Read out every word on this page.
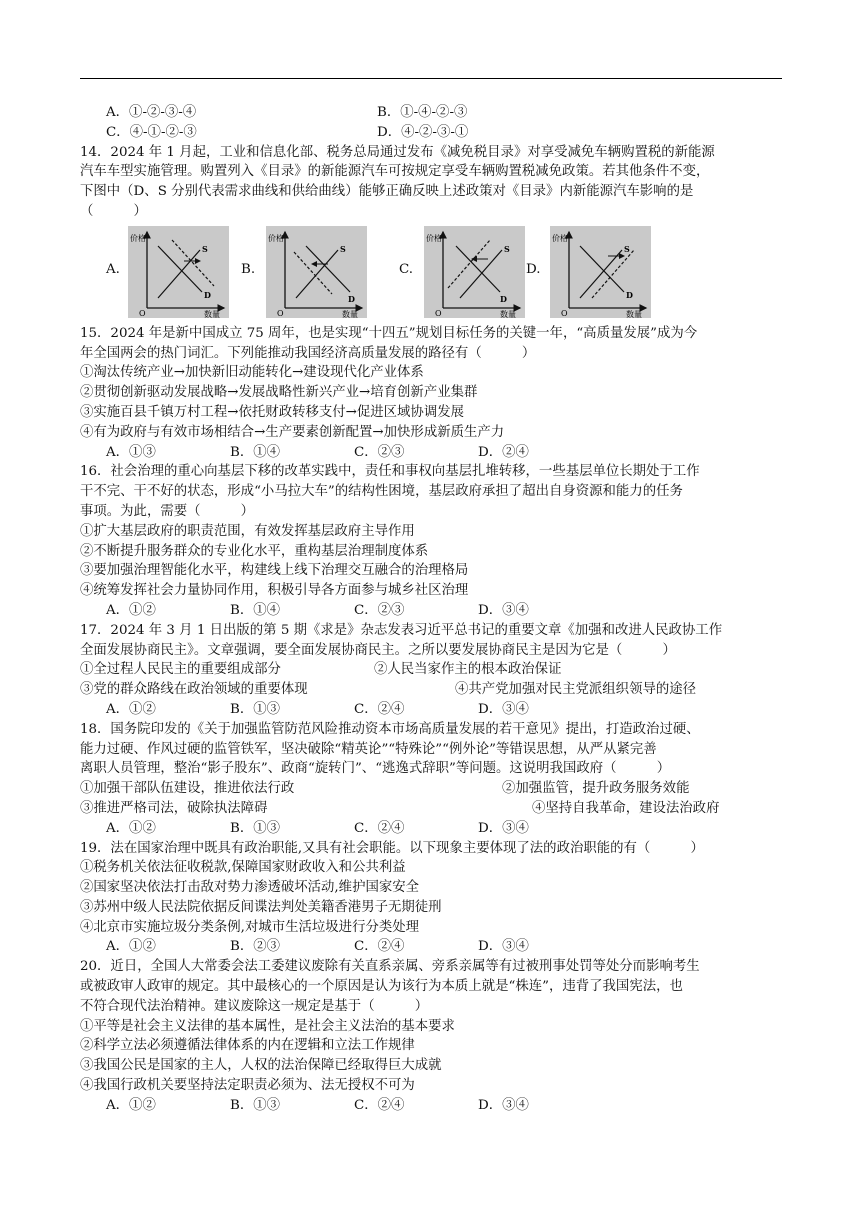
A．①-②-③-④	B．①-④-②-③
C．④-①-②-③	D．④-②-③-①
14．2024 年 1 月起，工业和信息化部、税务总局通过发布《减免税目录》对享受减免车辆购置税的新能源
汽车车型实施管理。购置列入《目录》的新能源汽车可按规定享受车辆购置税减免政策。若其他条件不变，
下图中（D、S 分别代表需求曲线和供给曲线）能够正确反映上述政策对《目录》内新能源汽车影响的是
（　　　）
A.
价格
数量
O
S
D
B.
价格
数量
O
S
D
C.
价格
数量
O
S
D
D.
价格
数量
O
S
D
15．2024 年是新中国成立 75 周年，也是实现“十四五”规划目标任务的关键一年，“高质量发展”成为今
年全国两会的热门词汇。下列能推动我国经济高质量发展的路径有（　　　）
①淘汰传统产业→加快新旧动能转化→建设现代化产业体系
②贯彻创新驱动发展战略→发展战略性新兴产业→培育创新产业集群
③实施百县千镇万村工程→依托财政转移支付→促进区域协调发展
④有为政府与有效市场相结合→生产要素创新配置→加快形成新质生产力
A．①③	B．①④	C．②③	D．②④
16．社会治理的重心向基层下移的改革实践中，责任和事权向基层扎堆转移，一些基层单位长期处于工作
干不完、干不好的状态，形成“小马拉大车”的结构性困境，基层政府承担了超出自身资源和能力的任务
事项。为此，需要（　　　）
①扩大基层政府的职责范围，有效发挥基层政府主导作用
②不断提升服务群众的专业化水平，重构基层治理制度体系
③要加强治理智能化水平，构建线上线下治理交互融合的治理格局
④统筹发挥社会力量协同作用，积极引导各方面参与城乡社区治理
A．①②	B．①④	C．②③	D．③④
17．2024 年 3 月 1 日出版的第 5 期《求是》杂志发表习近平总书记的重要文章《加强和改进人民政协工作
全面发展协商民主》。文章强调，要全面发展协商民主。之所以要发展协商民主是因为它是（　　　）
①全过程人民民主的重要组成部分	②人民当家作主的根本政治保证
③党的群众路线在政治领域的重要体现	④共产党加强对民主党派组织领导的途径
A．①②	B．①③	C．②④	D．③④
18．国务院印发的《关于加强监管防范风险推动资本市场高质量发展的若干意见》提出，打造政治过硬、
能力过硬、作风过硬的监管铁军，坚决破除“精英论”“特殊论”“例外论”等错误思想，从严从紧完善
离职人员管理，整治“影子股东”、政商“旋转门”、“逃逸式辞职”等问题。这说明我国政府（　　　）
①加强干部队伍建设，推进依法行政	②加强监管，提升政务服务效能
③推进严格司法，破除执法障碍	④坚持自我革命，建设法治政府
A．①②	B．①③	C．②④	D．③④
19．法在国家治理中既具有政治职能,又具有社会职能。以下现象主要体现了法的政治职能的有（　　　）
①税务机关依法征收税款,保障国家财政收入和公共利益
②国家坚决依法打击敌对势力渗透破坏活动,维护国家安全
③苏州中级人民法院依据反间谍法判处美籍香港男子无期徒刑
④北京市实施垃圾分类条例,对城市生活垃圾进行分类处理
A．①②	B．②③	C．②④	D．③④
20．近日，全国人大常委会法工委建议废除有关直系亲属、旁系亲属等有过被刑事处罚等处分而影响考生
或被政审人政审的规定。其中最核心的一个原因是认为该行为本质上就是“株连”，违背了我国宪法，也
不符合现代法治精神。建议废除这一规定是基于（　　　）
①平等是社会主义法律的基本属性，是社会主义法治的基本要求
②科学立法必须遵循法律体系的内在逻辑和立法工作规律
③我国公民是国家的主人，人权的法治保障已经取得巨大成就
④我国行政机关要坚持法定职责必须为、法无授权不可为
A．①②	B．①③	C．②④	D．③④
